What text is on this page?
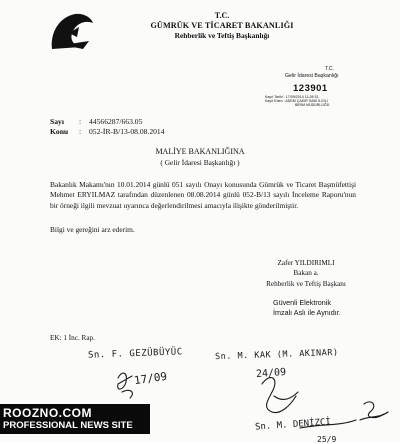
T.C.
GÜMRÜK VE TİCARET BAKANLIĞI
Rehberlik ve Teftiş Başkanlığı
T.C.
Gelir İdaresi Başkanlığı
123901
Kayıt Tarihi : 17/09/2014 11:28:33
Kayıt Eden : ADEM ÇAKIR SABİ İLGİLİ
BİRİM MÜDÜRLÜĞÜ
Sayı : 44566287/663.05
Konu : 052-İR-B/13-08.08.2014
MALİYE BAKANLIĞINA
( Gelir İdaresi Başkanlığı )
Bakanlık Makamı'nın 10.01.2014 günlü 051 sayılı Onayı konusunda Gümrük ve Ticaret Başmüfettişi Mehmet ERYILMAZ tarafından düzenlenen 08.08.2014 günlü 052-B/13 sayılı İnceleme Raporu'nun bir örneği ilgili mevzuat uyarınca değerlendirilmesi amacıyla ilişikte gönderilmiştir.
Bilgi ve gereğini arz ederim.
Zafer YILDIRIMLI
Bakan a.
Rehberlik ve Teftiş Başkanı
Güvenli Elektronik
İmzalı Aslı ile Aynıdır.
EK: 1 İnc. Rap.
Sn. F. GEZÜBÜYÜC	Sn. M. KAK (M. AKINAR)
17/09	24/09
Sn. M. DENİZCİ
25/9
ROOZNO.COM
PROFESSIONAL NEWS SITE
